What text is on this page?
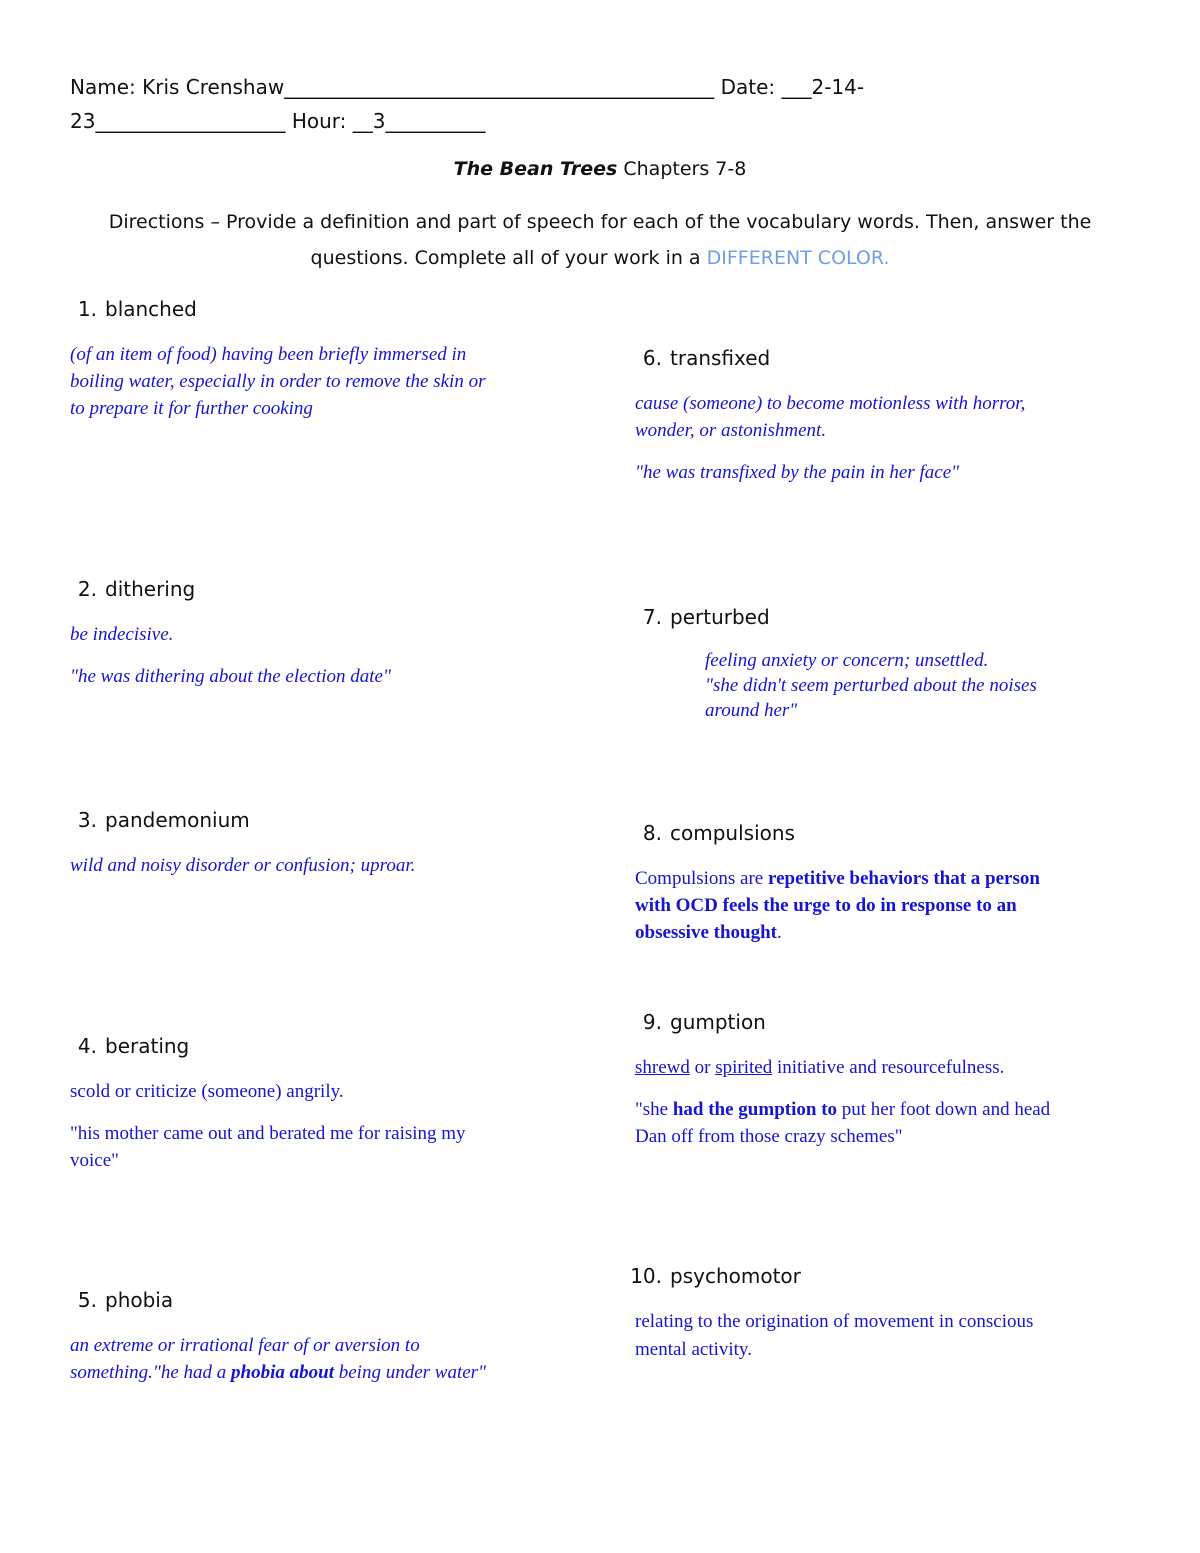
Name: Kris Crenshaw___________________________________________ Date: ___2-14-
23___________________ Hour: __3__________
The Bean Trees Chapters 7-8
Directions – Provide a definition and part of speech for each of the vocabulary words. Then, answer the questions. Complete all of your work in a DIFFERENT COLOR.
1. blanched

(of an item of food) having been briefly immersed in

boiling water, especially in order to remove the skin or

to prepare it for further cooking

2. dithering

be indecisive.

"he was dithering about the election date"

3. pandemonium

wild and noisy disorder or confusion; uproar.

4. berating

scold or criticize (someone) angrily.

"his mother came out and berated me for raising my

voice"

5. phobia

an extreme or irrational fear of or aversion to

something."he had a phobia about being under water"

6. transfixed

cause (someone) to become motionless with horror,

wonder, or astonishment.

"he was transfixed by the pain in her face"

7. perturbed

feeling anxiety or concern; unsettled.

"she didn't seem perturbed about the noises

around her"

8. compulsions

Compulsions are repetitive behaviors that a person

with OCD feels the urge to do in response to an

obsessive thought.

9. gumption

shrewd or spirited initiative and resourcefulness.

"she had the gumption to put her foot down and head

Dan off from those crazy schemes"

10. psychomotor

relating to the origination of movement in conscious

mental activity.
